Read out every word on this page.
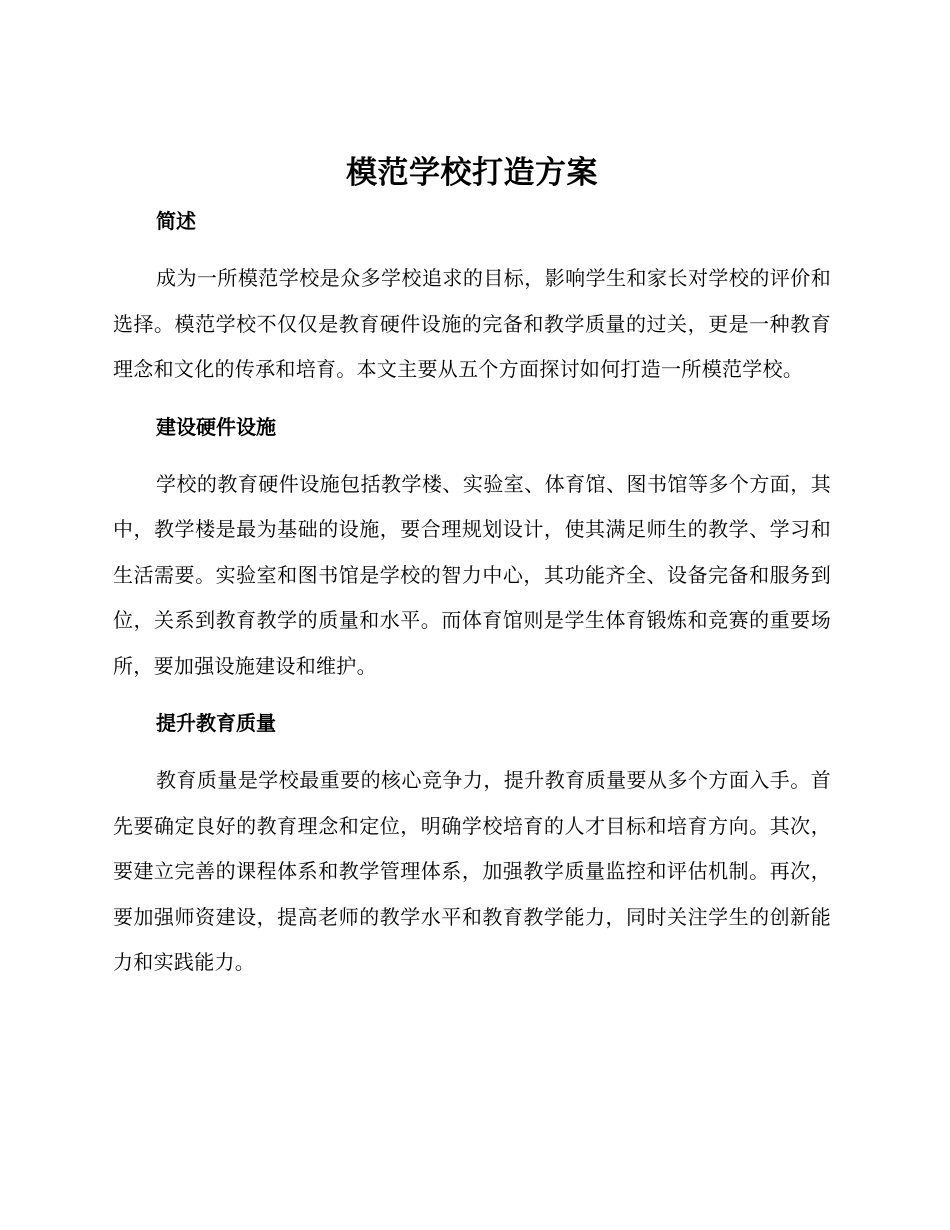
模范学校打造方案
简述

成为一所模范学校是众多学校追求的目标，影响学生和家长对学校的评价和选择。模范学校不仅仅是教育硬件设施的完备和教学质量的过关，更是一种教育理念和文化的传承和培育。本文主要从五个方面探讨如何打造一所模范学校。

建设硬件设施

学校的教育硬件设施包括教学楼、实验室、体育馆、图书馆等多个方面，其中，教学楼是最为基础的设施，要合理规划设计，使其满足师生的教学、学习和生活需要。实验室和图书馆是学校的智力中心，其功能齐全、设备完备和服务到位，关系到教育教学的质量和水平。而体育馆则是学生体育锻炼和竞赛的重要场所，要加强设施建设和维护。

提升教育质量

教育质量是学校最重要的核心竞争力，提升教育质量要从多个方面入手。首先要确定良好的教育理念和定位，明确学校培育的人才目标和培育方向。其次，要建立完善的课程体系和教学管理体系，加强教学质量监控和评估机制。再次，要加强师资建设，提高老师的教学水平和教育教学能力，同时关注学生的创新能力和实践能力。
